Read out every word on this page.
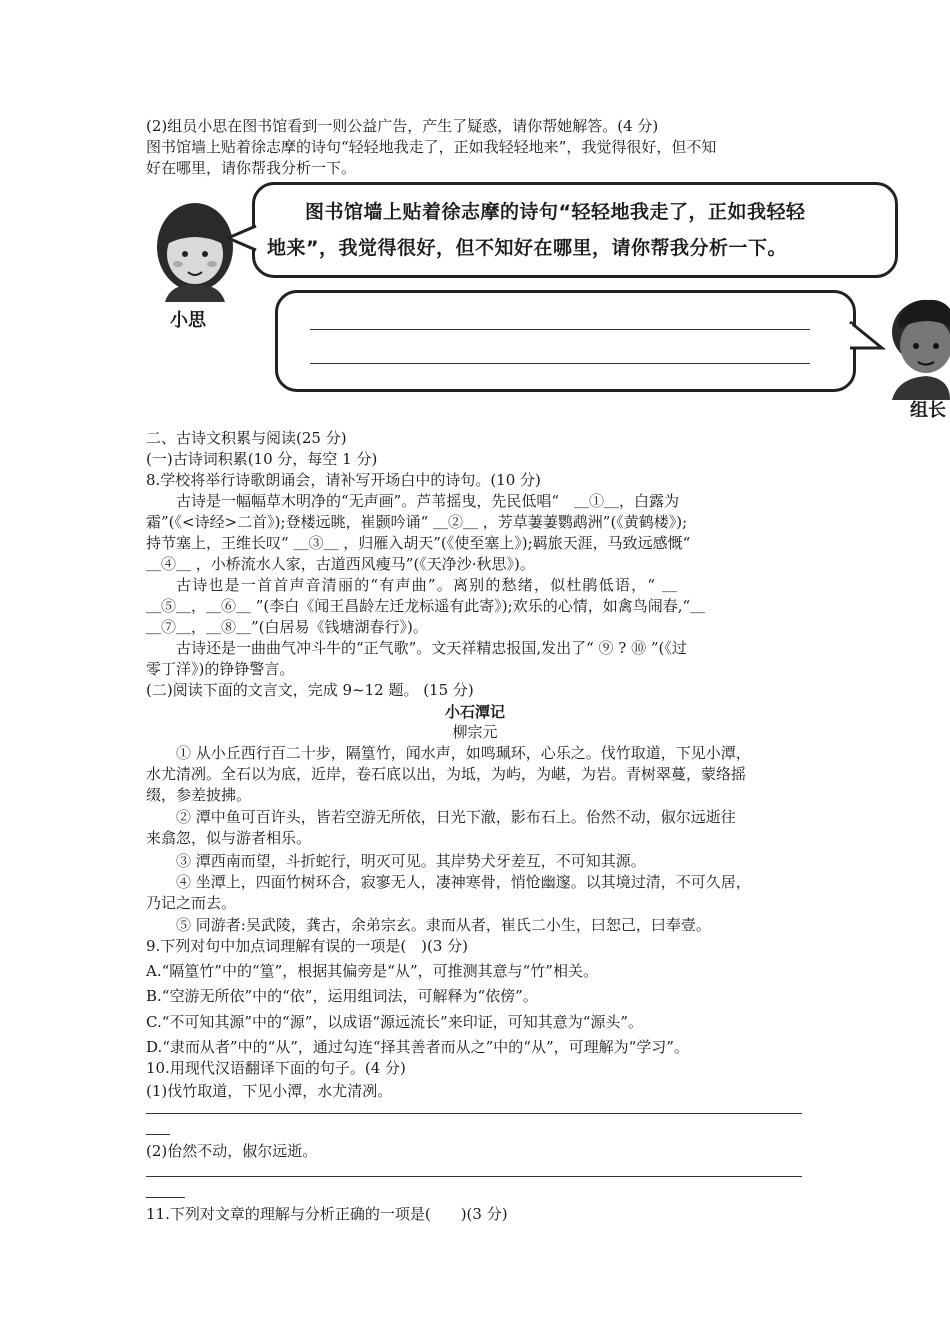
(2)组员小思在图书馆看到一则公益广告，产生了疑惑，请你帮她解答。(4 分)
图书馆墙上贴着徐志摩的诗句“轻轻地我走了，正如我轻轻地来”，我觉得很好，但不知
好在哪里，请你帮我分析一下。
小思
图书馆墙上贴着徐志摩的诗句“轻轻地我走了，正如我轻轻
地来”，我觉得很好，但不知好在哪里，请你帮我分析一下。
组长
二、古诗文积累与阅读(25 分)
(一)古诗词积累(10 分，每空 1 分)
8.学校将举行诗歌朗诵会，请补写开场白中的诗句。(10 分)
古诗是一幅幅草木明净的“无声画”。芦苇摇曳，先民低唱“　＿①＿，白露为
霜”(《<诗经>二首》);登楼远眺，崔颢吟诵“ ＿②＿ ，芳草萋萋鹦鹉洲”(《黄鹤楼》);
持节塞上，王维长叹“ ＿③＿ ，归雁入胡天”(《使至塞上》);羁旅天涯，马致远感慨“
＿④＿ ，小桥流水人家，古道西风瘦马”(《天净沙·秋思》)。
古诗也是一首首声音清丽的“有声曲”。离别的愁绪，似杜鹃低语，“ ＿
＿⑤＿，＿⑥＿ ”(李白《闻王昌龄左迁龙标遥有此寄》);欢乐的心情，如禽鸟闹春,“＿
＿⑦＿，＿⑧＿”(白居易《钱塘湖春行》)。
古诗还是一曲曲气冲斗牛的“正气歌”。文天祥精忠报国,发出了“ ⑨ ? ⑩ ”(《过
零丁洋》)的铮铮警言。
(二)阅读下面的文言文，完成 9~12 题。 (15 分)
小石潭记
柳宗元
① 从小丘西行百二十步，隔篁竹，闻水声，如鸣珮环，心乐之。伐竹取道，下见小潭，
水尤清冽。全石以为底，近岸，卷石底以出，为坻，为屿，为嵁，为岩。青树翠蔓，蒙络摇
缀，参差披拂。
② 潭中鱼可百许头，皆若空游无所依，日光下澈，影布石上。佁然不动，俶尔远逝往
来翕忽，似与游者相乐。
③ 潭西南而望，斗折蛇行，明灭可见。其岸势犬牙差互，不可知其源。
④ 坐潭上，四面竹树环合，寂寥无人，凄神寒骨，悄怆幽邃。以其境过清，不可久居，
乃记之而去。
⑤ 同游者:吴武陵，龚古，余弟宗玄。隶而从者，崔氏二小生，曰恕己，曰奉壹。
9.下列对句中加点词理解有误的一项是(　)(3 分)
A.“隔篁竹”中的“篁”，根据其偏旁是“从”，可推测其意与“竹”相关。
B.“空游无所依”中的“依”，运用组词法，可解释为“依傍”。
C.“不可知其源”中的“源”，以成语“源远流长”来印证，可知其意为“源头”。
D.“隶而从者”中的“从”，通过勾连“择其善者而从之”中的“从”，可理解为“学习”。
10.用现代汉语翻译下面的句子。(4 分)
(1)伐竹取道，下见小潭，水尤清冽。
(2)佁然不动，俶尔远逝。
11.下列对文章的理解与分析正确的一项是(　　)(3 分)
